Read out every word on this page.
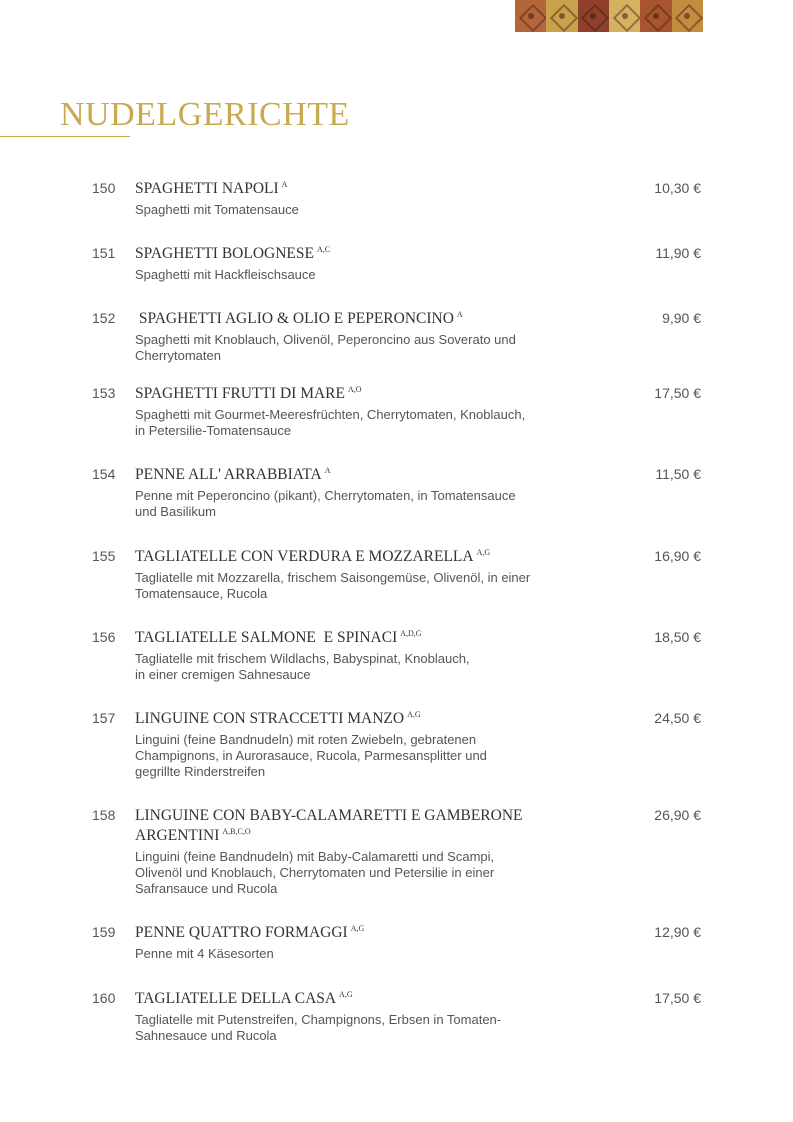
NUDELGERICHTE
150	SPAGHETTI NAPOLI $^A$
Spaghetti mit Tomatensauce
10,30 €
151	SPAGHETTI BOLOGNESE $^{A,C}$
Spaghetti mit Hackfleischsauce
11,90 €
152	SPAGHETTI AGLIO & OLIO E PEPERONCINO $^A$
Spaghetti mit Knoblauch, Olivenöl, Peperoncino aus Soverato und
Cherrytomaten
9,90 €
153	SPAGHETTI FRUTTI DI MARE $^{A,O}$
Spaghetti mit Gourmet-Meeresfrüchten, Cherrytomaten, Knoblauch,
in Petersilie-Tomatensauce
17,50 €
154	PENNE ALL' ARRABBIATA $^A$
Penne mit Peperoncino (pikant), Cherrytomaten, in Tomatensauce
und Basilikum
11,50 €
155	TAGLIATELLE CON VERDURA E MOZZARELLA $^{A,G}$
Tagliatelle mit Mozzarella, frischem Saisongemüse, Olivenöl, in einer
Tomatensauce, Rucola
16,90 €
156	TAGLIATELLE SALMONE  E SPINACI $^{A,D,G}$
Tagliatelle mit frischem Wildlachs, Babyspinat, Knoblauch,
in einer cremigen Sahnesauce
18,50 €
157	LINGUINE CON STRACCETTI MANZO $^{A,G}$
Linguini (feine Bandnudeln) mit roten Zwiebeln, gebratenen
Champignons, in Aurorasauce, Rucola, Parmesansplitter und
gegrillte Rinderstreifen
24,50 €
158	LINGUINE CON BABY-CALAMARETTI E GAMBERONE ARGENTINI $^{A,B,C,O}$
Linguini (feine Bandnudeln) mit Baby-Calamaretti und Scampi,
Olivenöl und Knoblauch, Cherrytomaten und Petersilie in einer
Safransauce und Rucola
26,90 €
159	PENNE QUATTRO FORMAGGI $^{A,G}$
Penne mit 4 Käsesorten
12,90 €
160	TAGLIATELLE DELLA CASA $^{A,G}$
Tagliatelle mit Putenstreifen, Champignons, Erbsen in Tomaten-
Sahnesauce und Rucola
17,50 €
